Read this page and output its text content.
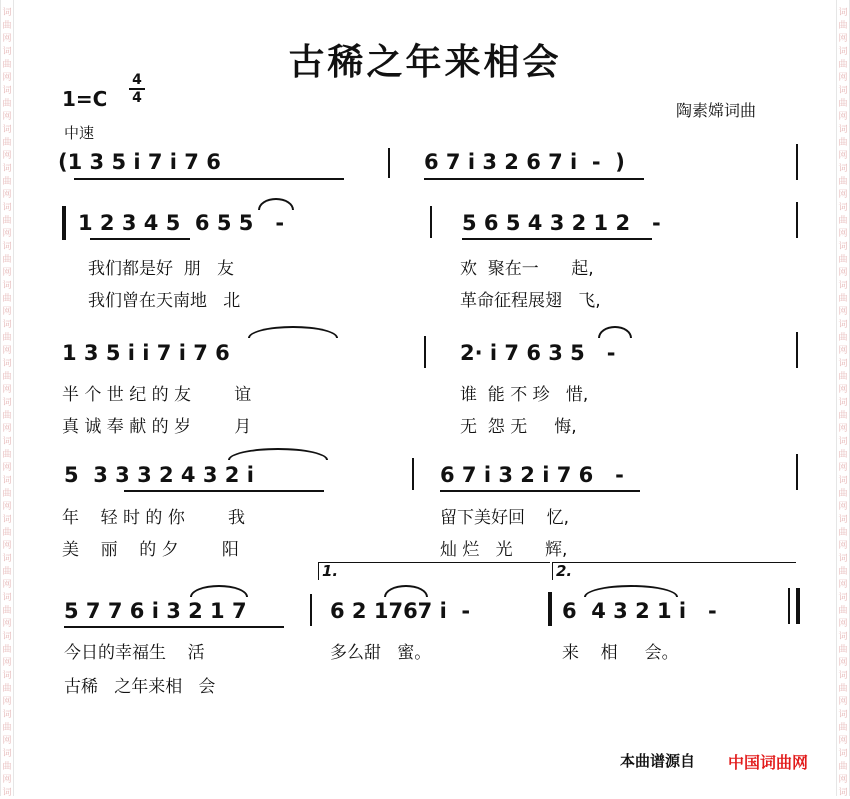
词
曲
网
词
曲
网
词
曲
网
词
曲
网
词
曲
网
词
曲
网
词
曲
网
词
曲
网
词
曲
网
词
曲
网
词
曲
网
词
曲
网
词
曲
网
词
曲
网
词
曲
网
词
曲
网
词
曲
网
词
曲
网
词
曲
网
词
曲
网
词
词
曲
网
词
曲
网
词
曲
网
词
曲
网
词
曲
网
词
曲
网
词
曲
网
词
曲
网
词
曲
网
词
曲
网
词
曲
网
词
曲
网
词
曲
网
词
曲
网
词
曲
网
词
曲
网
词
曲
网
词
曲
网
词
曲
网
词
曲
网
词
古稀之年来相会
1=C
4
4
中速
陶素嫦词曲
(1 3 5 i 7 i 7 6	6 7 i 3 2 6 7 i  -  )
1 2 3 4 5  6 5 5   -	5 6 5 4 3 2 1 2   -
我们都是好  朋   友	欢  聚在一      起,
我们曾在天南地   北	革命征程展翅   飞,
1 3 5 i i 7 i 7 6	2· i 7 6 3 5   -
半 个 世 纪 的 友        谊	谁  能 不 珍   惜,
真 诚 奉 献 的 岁        月	无  怨 无     悔,
5  3 3 3 2 4 3 2 i	6 7 i 3 2 i 7 6   -
年    轻 时 的 你        我	留下美好回    忆,
美    丽    的 夕        阳	灿 烂   光      辉,
1.	2.
5 7 7 6 i 3 2 1 7	6 2 1767 i  -	6  4 3 2 1 i   -
今日的幸福生    活	多么甜   蜜。	来    相     会。
古稀   之年来相   会
本曲谱源自 中国词曲网
